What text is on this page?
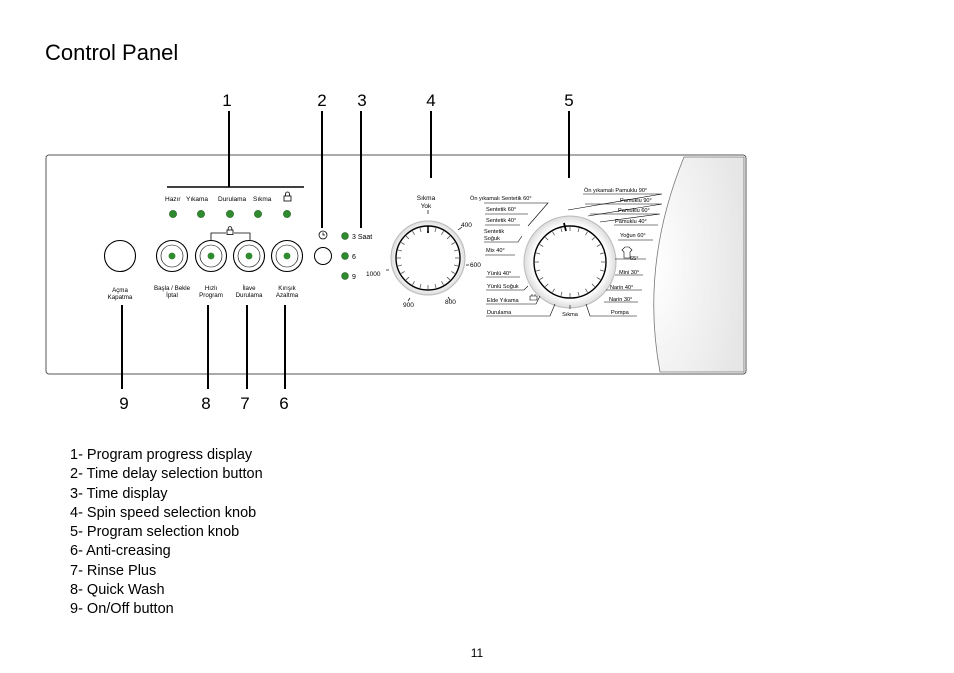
Control Panel
1	2	3	4	5
9	8	7	6
Hazır Yıkama Durulama Sıkma
3 Saat
6
9
Açma
Kapatma
Başla / Bekle
İptal
Hızlı
Program
İlave
Durulama
Kırışık
Azaltma
Sıkma
Yok
400
600
800
900
1000
Ön yıkamalı Sentetik 60°
Sentetik 60°
Sentetik 40°
Sentetik
Soğuk
Mix 40°
Yünlü 40°
Yünlü Soğuk
Elde Yıkama
Durulama	Sıkma
Ön yıkamalı Pamuklu 90°
Pamuklu 90°
Pamuklu 60°
Pamuklu 40°
Yoğun 60°
65°
Mini 30°
Narin 40°
Narin 30°
Pompa
1- Program progress display
2- Time delay selection button
3- Time display
4- Spin speed selection knob
5- Program selection knob
6- Anti-creasing
7- Rinse Plus
8- Quick Wash
9- On/Off button
11
